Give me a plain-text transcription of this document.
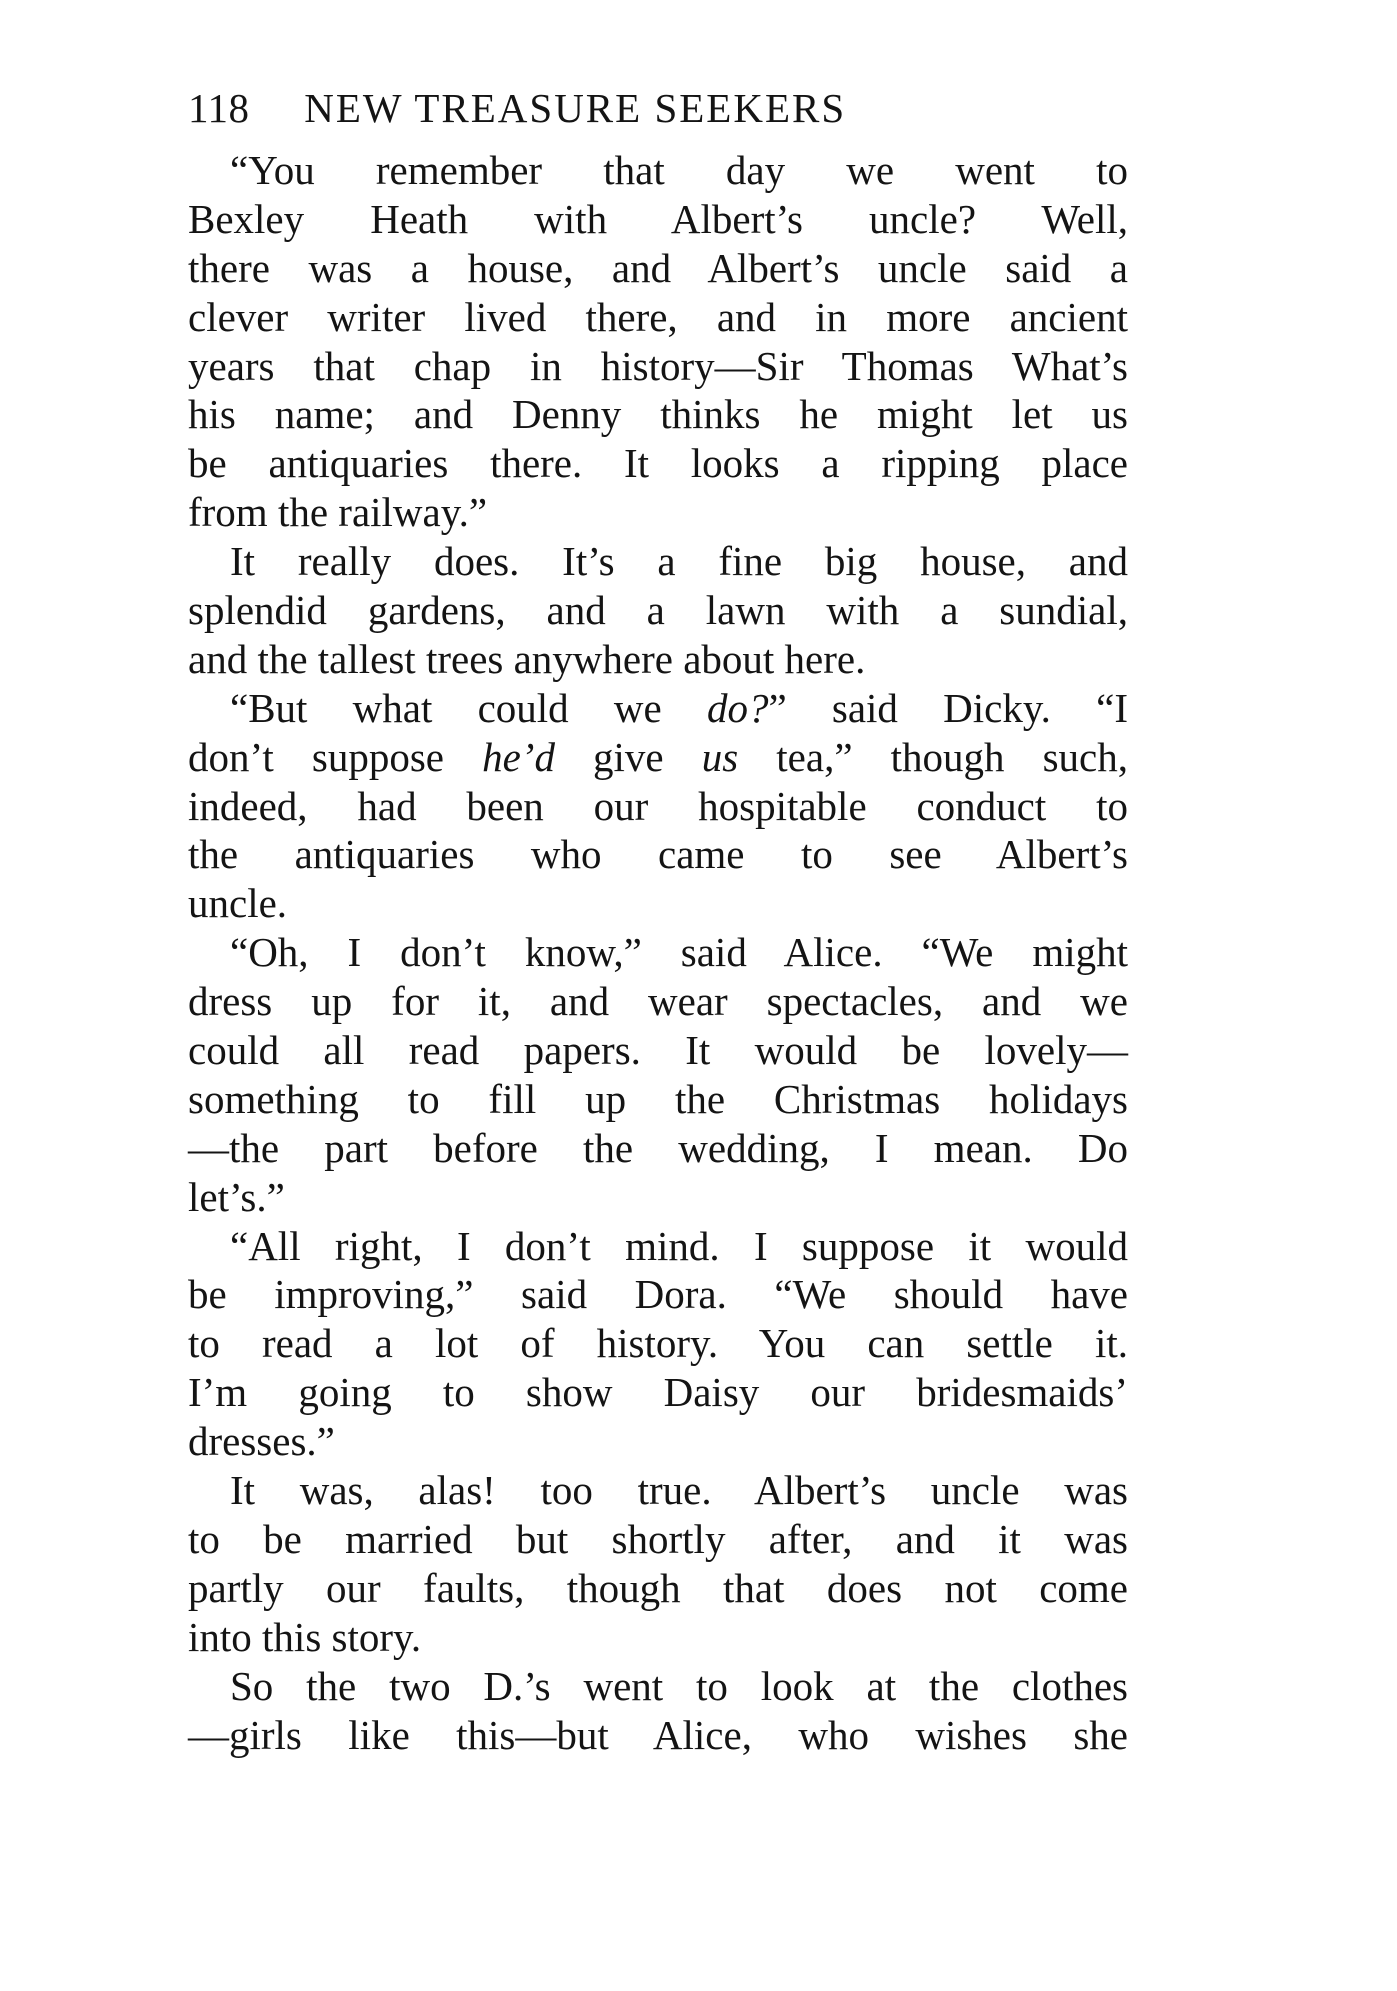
118 NEW TREASURE SEEKERS

“You remember that day we went to
Bexley Heath with Albert’s uncle? Well,
there was a house, and Albert’s uncle said a
clever writer lived there, and in more ancient
years that chap in history—Sir Thomas What’s
his name; and Denny thinks he might let us
be antiquaries there. It looks a ripping place
from the railway.”

It really does. It’s a fine big house, and
splendid gardens, and a lawn with a sundial,
and the tallest trees anywhere about here.

“But what could we do?” said Dicky. “I
don’t suppose he’d give us tea,” though such,
indeed, had been our hospitable conduct to
the antiquaries who came to see Albert’s
uncle.

“Oh, I don’t know,” said Alice. “We might
dress up for it, and wear spectacles, and we
could all read papers. It would be lovely—
something to fill up the Christmas holidays
—the part before the wedding, I mean. Do
let’s.”

“All right, I don’t mind. I suppose it would
be improving,” said Dora. “We should have
to read a lot of history. You can settle it.
I’m going to show Daisy our bridesmaids’
dresses.”

It was, alas! too true. Albert’s uncle was
to be married but shortly after, and it was
partly our faults, though that does not come
into this story.

So the two D.’s went to look at the clothes
—girls like this—but Alice, who wishes she
